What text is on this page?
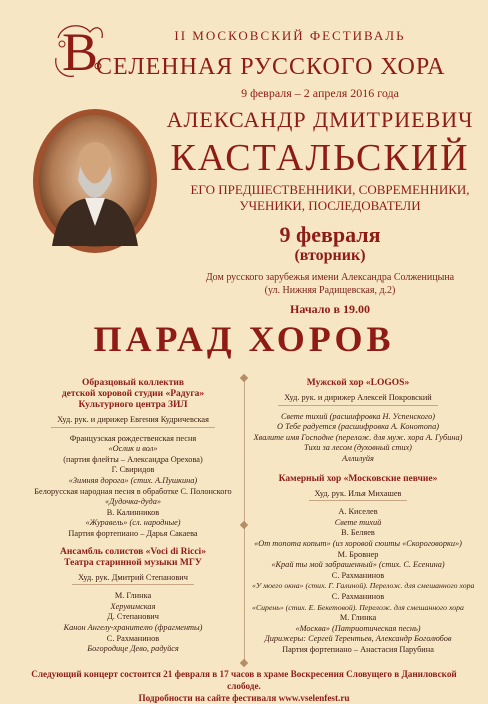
II МОСКОВСКИЙ ФЕСТИВАЛЬ
В
СЕЛЕННАЯ РУССКОГО ХОРА
9 февраля – 2 апреля 2016 года
АЛЕКСАНДР ДМИТРИЕВИЧ
КАСТАЛЬСКИЙ
ЕГО ПРЕДШЕСТВЕННИКИ, СОВРЕМЕННИКИ,
УЧЕНИКИ, ПОСЛЕДОВАТЕЛИ
9 февраля
(вторник)
Дом русского зарубежья имени Александра Солженицына
(ул. Нижняя Радищевская, д.2)
Начало в 19.00
ПАРАД ХОРОВ
Образцовый коллектив
детской хоровой студии «Радуга»
Культурного центра ЗИЛ
Худ. рук. и дирижер Евгения Кудричевская
Французская рождественская песня
«Ослик и вол»
(партия флейты – Александра Орехова)
Г. Свиридов
«Зимняя дорога» (стих. А.Пушкина)
Белорусская народная песня в обработке С. Полонского
«Дудочка-дуда»
В. Калинников
«Журавель» (сл. народные)
Партия фортепиано – Дарья Сакаева
Ансамбль солистов «Voci di Ricci»
Театра старинной музыки МГУ
Худ. рук. Дмитрий Степанович
М. Глинка
Херувимская
Д. Степанович
Канон Ангелу-хранителю (фрагменты)
С. Рахманинов
Богородице Дево, радуйся
Мужской хор «LOGOS»
Худ. рук. и дирижер Алексей Покровский
Свете тихий (расшифровка Н. Успенского)
О Тебе радуется (расшифровка А. Конотопа)
Хвалите имя Господне (перелож. для муж. хора А. Губина)
Тихи за лесом (духовный стих)
Аллилуйя
Камерный хор «Московские певчие»
Худ. рук. Илья Михашев
А. Киселев
Свете тихий
В. Беляев
«От топота копыт» (из хоровой сюиты «Скороговорки»)
М. Бровнер
«Край ты мой забрашенный» (стих. С. Есенина)
С. Рахманинов
«У моего окна» (стих. Г. Галиной). Перелож. для смешанного хора
С. Рахманинов
«Сирень» (стих. Е. Бекетовой). Перелож. для смешанного хора
М. Глинка
«Москва» (Патриотическая песнь)
Дирижеры: Сергей Терентьев, Александр Боголюбов
Партия фортепиано – Анастасия Парубина
Следующий концерт состоится 21 февраля в 17 часов в храме Воскресения Словущего в Даниловской слободе.
Подробности на сайте фестиваля www.vselenfest.ru
